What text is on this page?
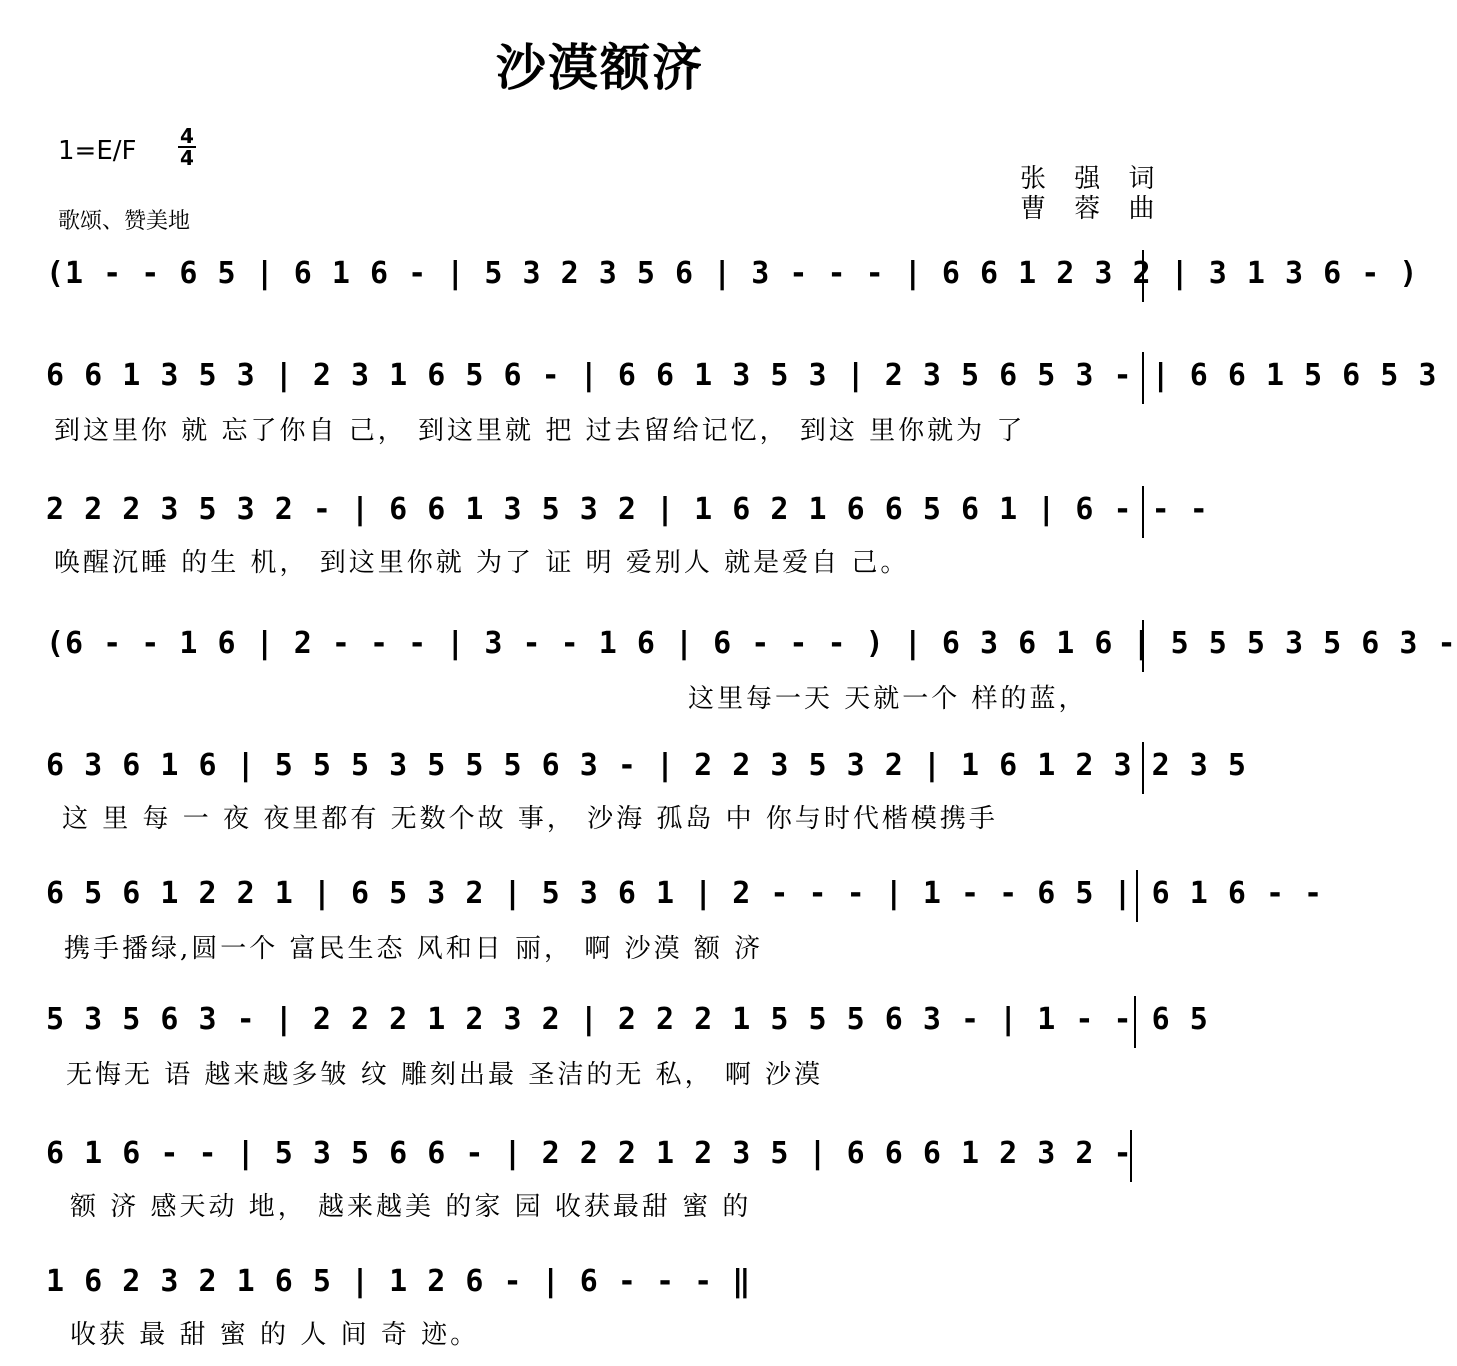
沙漠额济
1=E/F 4
4
歌颂、赞美地
张 强 词
曹 蓉 曲
(1 - - 6 5 | 6 1 6 - | 5 3 2 3 5 6 | 3 - - - | 6 6 1 2 3 2 | 3 1 3 6 - )
6 6 1 3 5 3 | 2 3 1 6 5 6 - | 6 6 1 3 5 3 | 2 3 5 6 5 3 - | 6 6 1 5 6 5 3
到这里你 就 忘了你自 己， 到这里就 把 过去留给记忆， 到这 里你就为 了
2 2 2 3 5 3 2 - | 6 6 1 3 5 3 2 | 1 6 2 1 6 6 5 6 1 | 6 - - -
唤醒沉睡 的生 机， 到这里你就 为了 证 明 爱别人 就是爱自 己。
(6 - - 1 6 | 2 - - - | 3 - - 1 6 | 6 - - - ) | 6 3 6 1 6 | 5 5 5 3 5 6 3 -
这里每一天 天就一个 样的蓝，
6 3 6 1 6 | 5 5 5 3 5 5 5 6 3 - | 2 2 3 5 3 2 | 1 6 1 2 3 2 3 5
这 里 每 一 夜 夜里都有 无数个故 事， 沙海 孤岛 中 你与时代楷模携手
6 5 6 1 2 2 1 | 6 5 3 2 | 5 3 6 1 | 2 - - - | 1 - - 6 5 | 6 1 6 - -
携手播绿,圆一个 富民生态 风和日 丽， 啊 沙漠 额 济
5 3 5 6 3 - | 2 2 2 1 2 3 2 | 2 2 2 1 5 5 5 6 3 - | 1 - - 6 5
无悔无 语 越来越多皱 纹 雕刻出最 圣洁的无 私， 啊 沙漠
6 1 6 - - | 5 3 5 6 6 - | 2 2 2 1 2 3 5 | 6 6 6 1 2 3 2 -
额 济 感天动 地， 越来越美 的家 园 收获最甜 蜜 的
1 6 2 3 2 1 6 5 | 1 2 6 - | 6 - - - ‖
收获 最 甜 蜜 的 人 间 奇 迹。
